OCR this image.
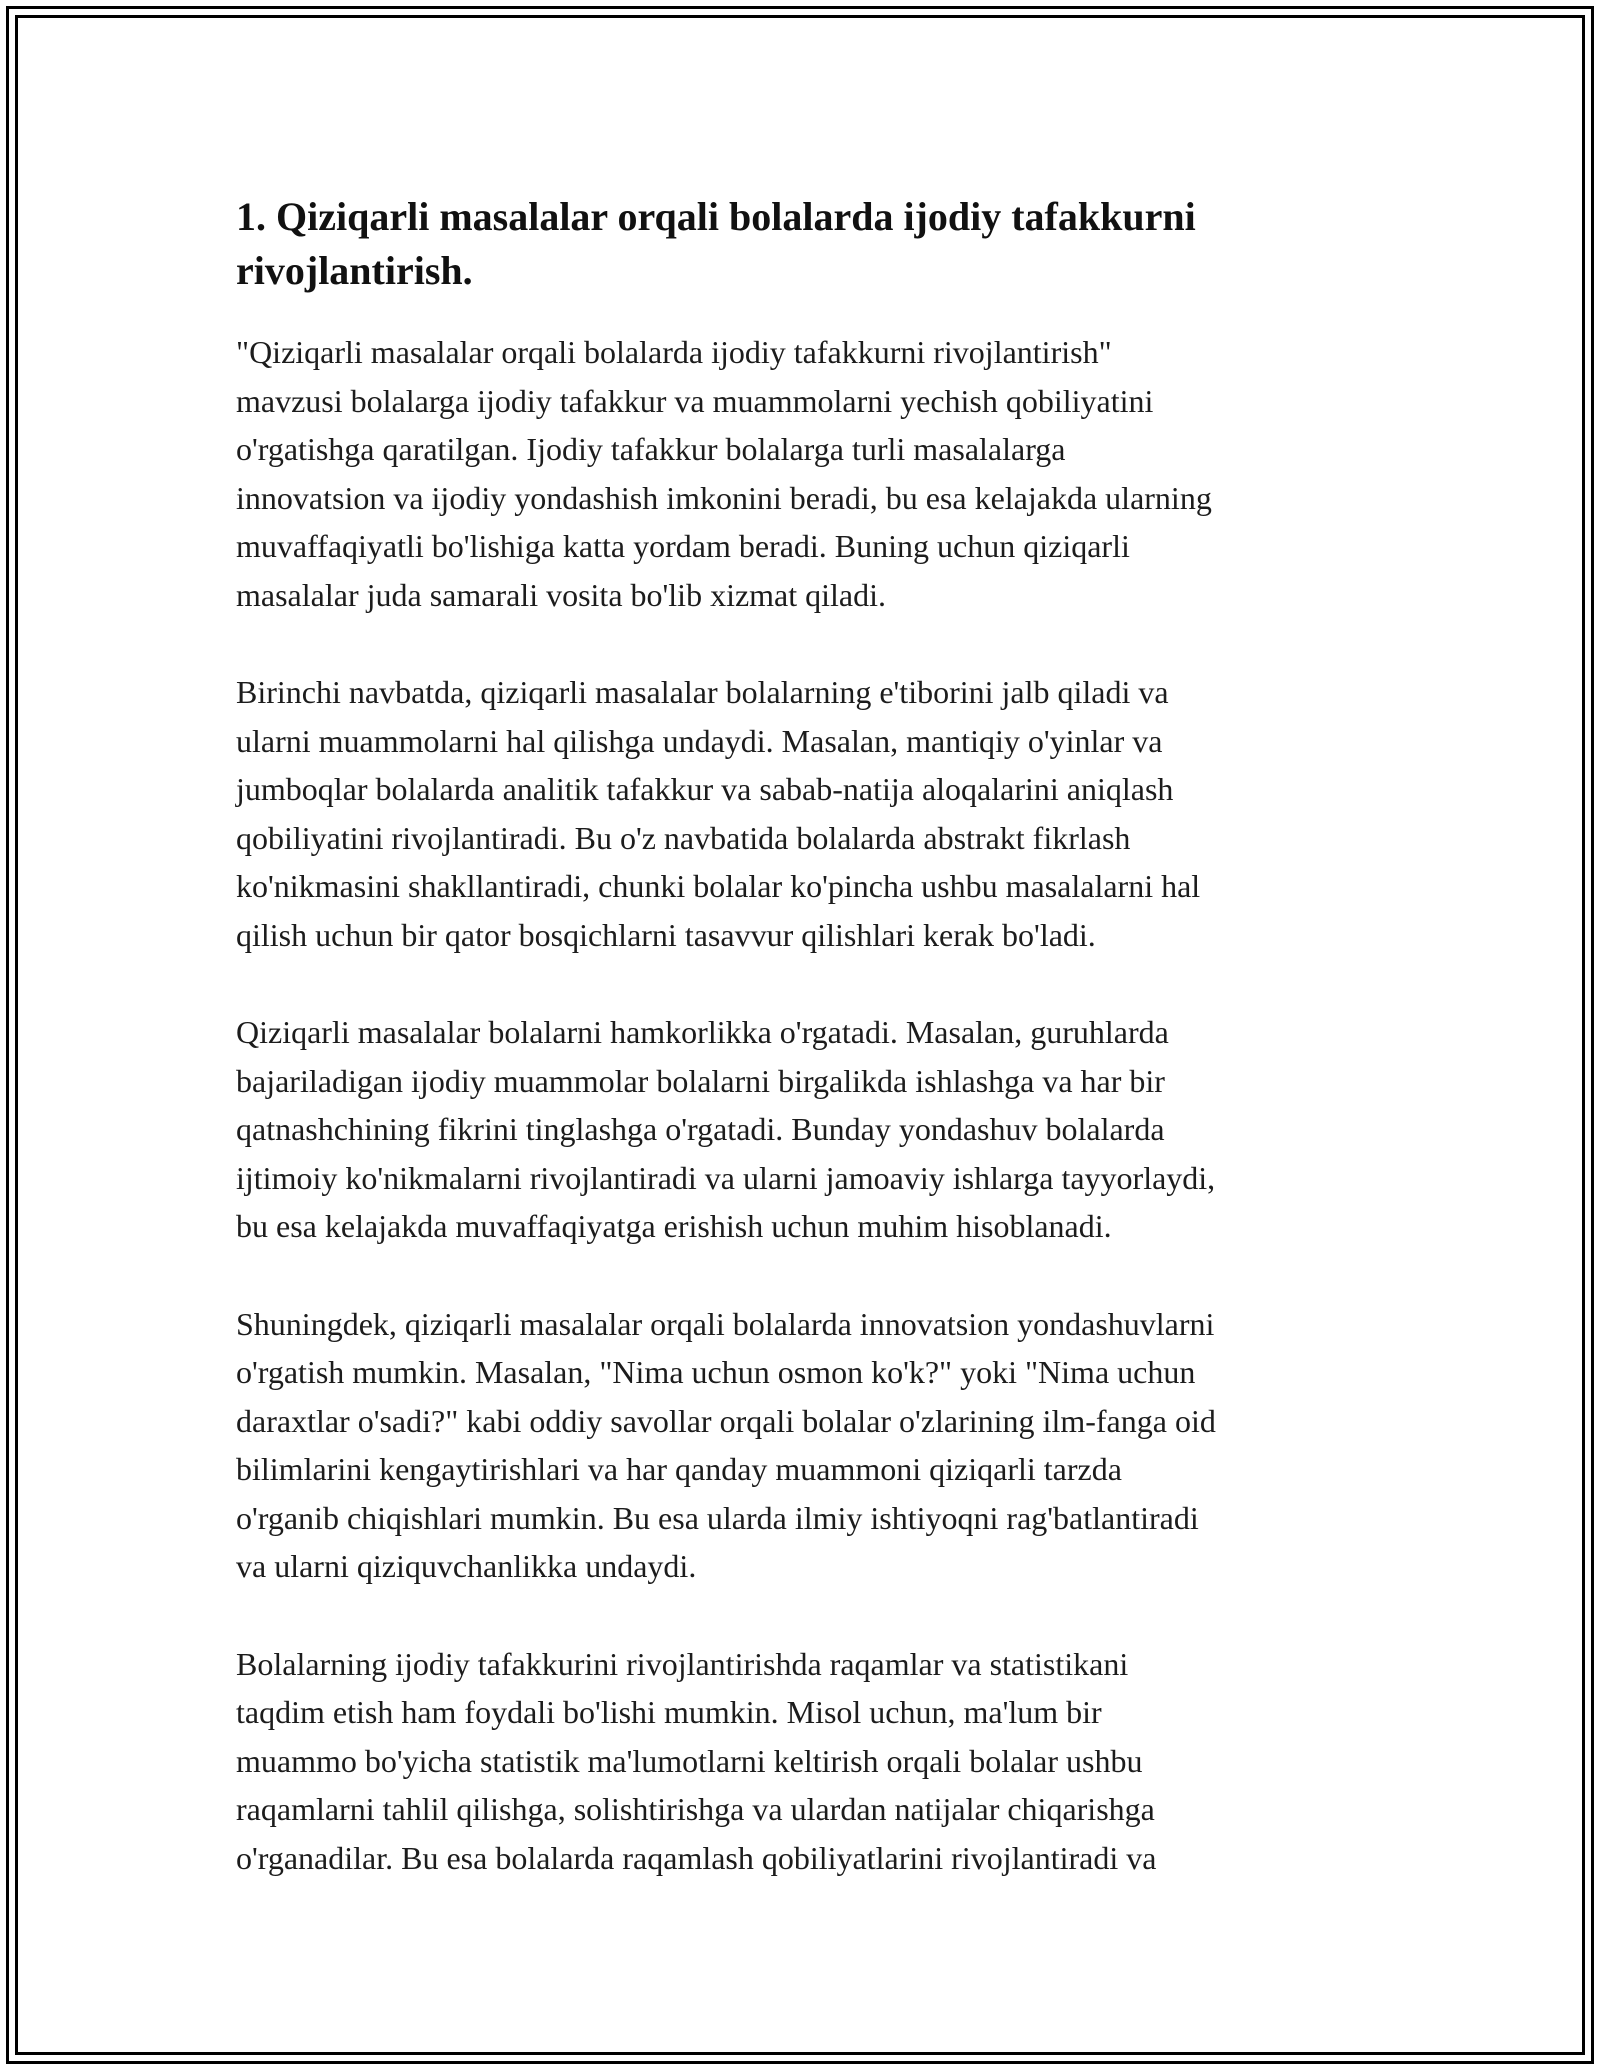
1. Qiziqarli masalalar orqali bolalarda ijodiy tafakkurni
rivojlantirish.

"Qiziqarli masalalar orqali bolalarda ijodiy tafakkurni rivojlantirish"
mavzusi bolalarga ijodiy tafakkur va muammolarni yechish qobiliyatini
o'rgatishga qaratilgan. Ijodiy tafakkur bolalarga turli masalalarga
innovatsion va ijodiy yondashish imkonini beradi, bu esa kelajakda ularning
muvaffaqiyatli bo'lishiga katta yordam beradi. Buning uchun qiziqarli
masalalar juda samarali vosita bo'lib xizmat qiladi.

Birinchi navbatda, qiziqarli masalalar bolalarning e'tiborini jalb qiladi va
ularni muammolarni hal qilishga undaydi. Masalan, mantiqiy o'yinlar va
jumboqlar bolalarda analitik tafakkur va sabab-natija aloqalarini aniqlash
qobiliyatini rivojlantiradi. Bu o'z navbatida bolalarda abstrakt fikrlash
ko'nikmasini shakllantiradi, chunki bolalar ko'pincha ushbu masalalarni hal
qilish uchun bir qator bosqichlarni tasavvur qilishlari kerak bo'ladi.

Qiziqarli masalalar bolalarni hamkorlikka o'rgatadi. Masalan, guruhlarda
bajariladigan ijodiy muammolar bolalarni birgalikda ishlashga va har bir
qatnashchining fikrini tinglashga o'rgatadi. Bunday yondashuv bolalarda
ijtimoiy ko'nikmalarni rivojlantiradi va ularni jamoaviy ishlarga tayyorlaydi,
bu esa kelajakda muvaffaqiyatga erishish uchun muhim hisoblanadi.

Shuningdek, qiziqarli masalalar orqali bolalarda innovatsion yondashuvlarni
o'rgatish mumkin. Masalan, "Nima uchun osmon ko'k?" yoki "Nima uchun
daraxtlar o'sadi?" kabi oddiy savollar orqali bolalar o'zlarining ilm-fanga oid
bilimlarini kengaytirishlari va har qanday muammoni qiziqarli tarzda
o'rganib chiqishlari mumkin. Bu esa ularda ilmiy ishtiyoqni rag'batlantiradi
va ularni qiziquvchanlikka undaydi.

Bolalarning ijodiy tafakkurini rivojlantirishda raqamlar va statistikani
taqdim etish ham foydali bo'lishi mumkin. Misol uchun, ma'lum bir
muammo bo'yicha statistik ma'lumotlarni keltirish orqali bolalar ushbu
raqamlarni tahlil qilishga, solishtirishga va ulardan natijalar chiqarishga
o'rganadilar. Bu esa bolalarda raqamlash qobiliyatlarini rivojlantiradi va
